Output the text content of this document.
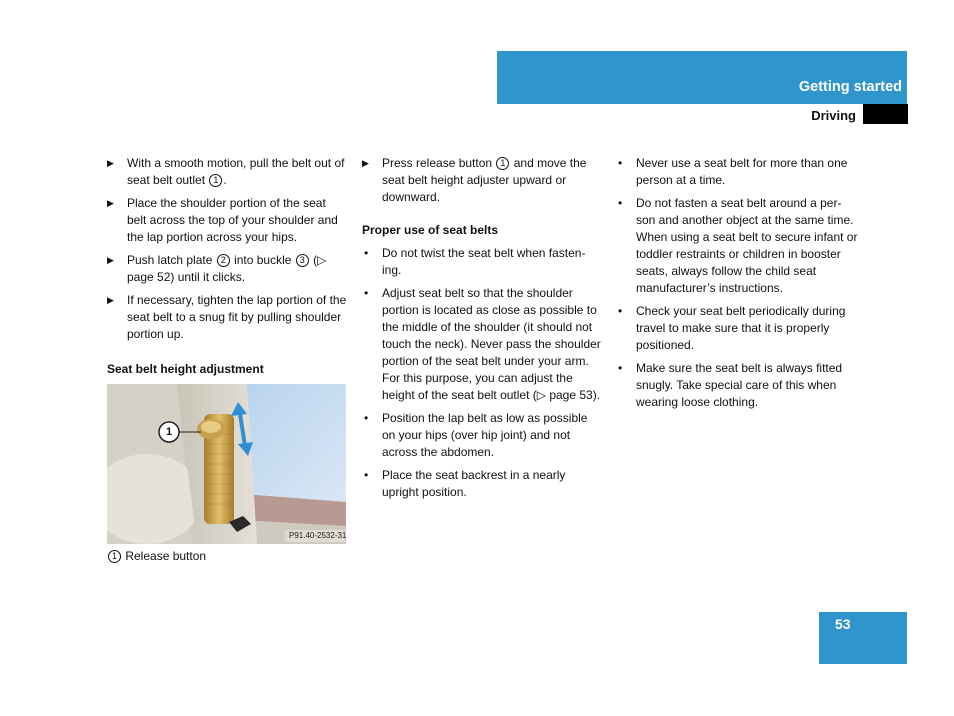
Getting started
Driving
▶ With a smooth motion, pull the belt out of seat belt outlet 1 .
▶ Place the shoulder portion of the seat belt across the top of your shoulder and the lap portion across your hips.
▶ Push latch plate 2 into buckle 3 (▷ page 52) until it clicks.
▶ If necessary, tighten the lap portion of the seat belt to a snug fit by pulling shoulder portion up.
Seat belt height adjustment
1
P91.40-2532-31
1 Release button
▶ Press release button 1 and move the seat belt height adjuster upward or downward.
Proper use of seat belts
• Do not twist the seat belt when fasten-ing.
• Adjust seat belt so that the shoulder portion is located as close as possible to the middle of the shoulder (it should not touch the neck). Never pass the shoulder portion of the seat belt under your arm. For this purpose, you can adjust the height of the seat belt outlet (▷ page 53).
• Position the lap belt as low as possible on your hips (over hip joint) and not across the abdomen.
• Place the seat backrest in a nearly upright position.
• Never use a seat belt for more than one person at a time.
• Do not fasten a seat belt around a per-son and another object at the same time. When using a seat belt to secure infant or toddler restraints or children in booster seats, always follow the child seat manufacturer’s instructions.
• Check your seat belt periodically during travel to make sure that it is properly positioned.
• Make sure the seat belt is always fitted snugly. Take special care of this when wearing loose clothing.
53
